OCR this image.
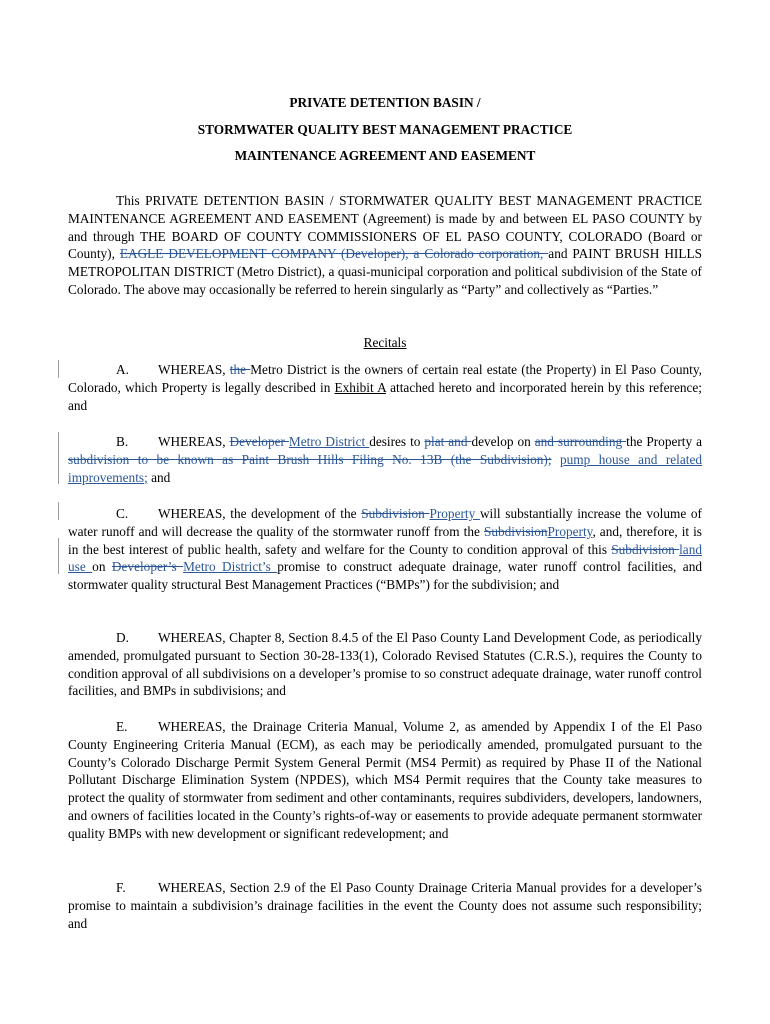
PRIVATE DETENTION BASIN /
STORMWATER QUALITY BEST MANAGEMENT PRACTICE
MAINTENANCE AGREEMENT AND EASEMENT
This PRIVATE DETENTION BASIN / STORMWATER QUALITY BEST MANAGEMENT PRACTICE MAINTENANCE AGREEMENT AND EASEMENT (Agreement) is made by and between EL PASO COUNTY by and through THE BOARD OF COUNTY COMMISSIONERS OF EL PASO COUNTY, COLORADO (Board or County), EAGLE DEVELOPMENT COMPANY (Developer), a Colorado corporation, and PAINT BRUSH HILLS METROPOLITAN DISTRICT (Metro District), a quasi-municipal corporation and political subdivision of the State of Colorado. The above may occasionally be referred to herein singularly as “Party” and collectively as “Parties.”
Recitals
A. WHEREAS, the Metro District is the owners of certain real estate (the Property) in El Paso County, Colorado, which Property is legally described in Exhibit A attached hereto and incorporated herein by this reference; and
B. WHEREAS, Developer Metro District desires to plat and develop on and surrounding the Property a subdivision to be known as Paint Brush Hills Filing No. 13B (the Subdivision); pump house and related improvements; and
C. WHEREAS, the development of the Subdivision Property will substantially increase the volume of water runoff and will decrease the quality of the stormwater runoff from the SubdivisionProperty, and, therefore, it is in the best interest of public health, safety and welfare for the County to condition approval of this Subdivision land use on Developer’s Metro District’s promise to construct adequate drainage, water runoff control facilities, and stormwater quality structural Best Management Practices (“BMPs”) for the subdivision; and
D. WHEREAS, Chapter 8, Section 8.4.5 of the El Paso County Land Development Code, as periodically amended, promulgated pursuant to Section 30-28-133(1), Colorado Revised Statutes (C.R.S.), requires the County to condition approval of all subdivisions on a developer’s promise to so construct adequate drainage, water runoff control facilities, and BMPs in subdivisions; and
E. WHEREAS, the Drainage Criteria Manual, Volume 2, as amended by Appendix I of the El Paso County Engineering Criteria Manual (ECM), as each may be periodically amended, promulgated pursuant to the County’s Colorado Discharge Permit System General Permit (MS4 Permit) as required by Phase II of the National Pollutant Discharge Elimination System (NPDES), which MS4 Permit requires that the County take measures to protect the quality of stormwater from sediment and other contaminants, requires subdividers, developers, landowners, and owners of facilities located in the County’s rights-of-way or easements to provide adequate permanent stormwater quality BMPs with new development or significant redevelopment; and
F. WHEREAS, Section 2.9 of the El Paso County Drainage Criteria Manual provides for a developer’s promise to maintain a subdivision’s drainage facilities in the event the County does not assume such responsibility; and
